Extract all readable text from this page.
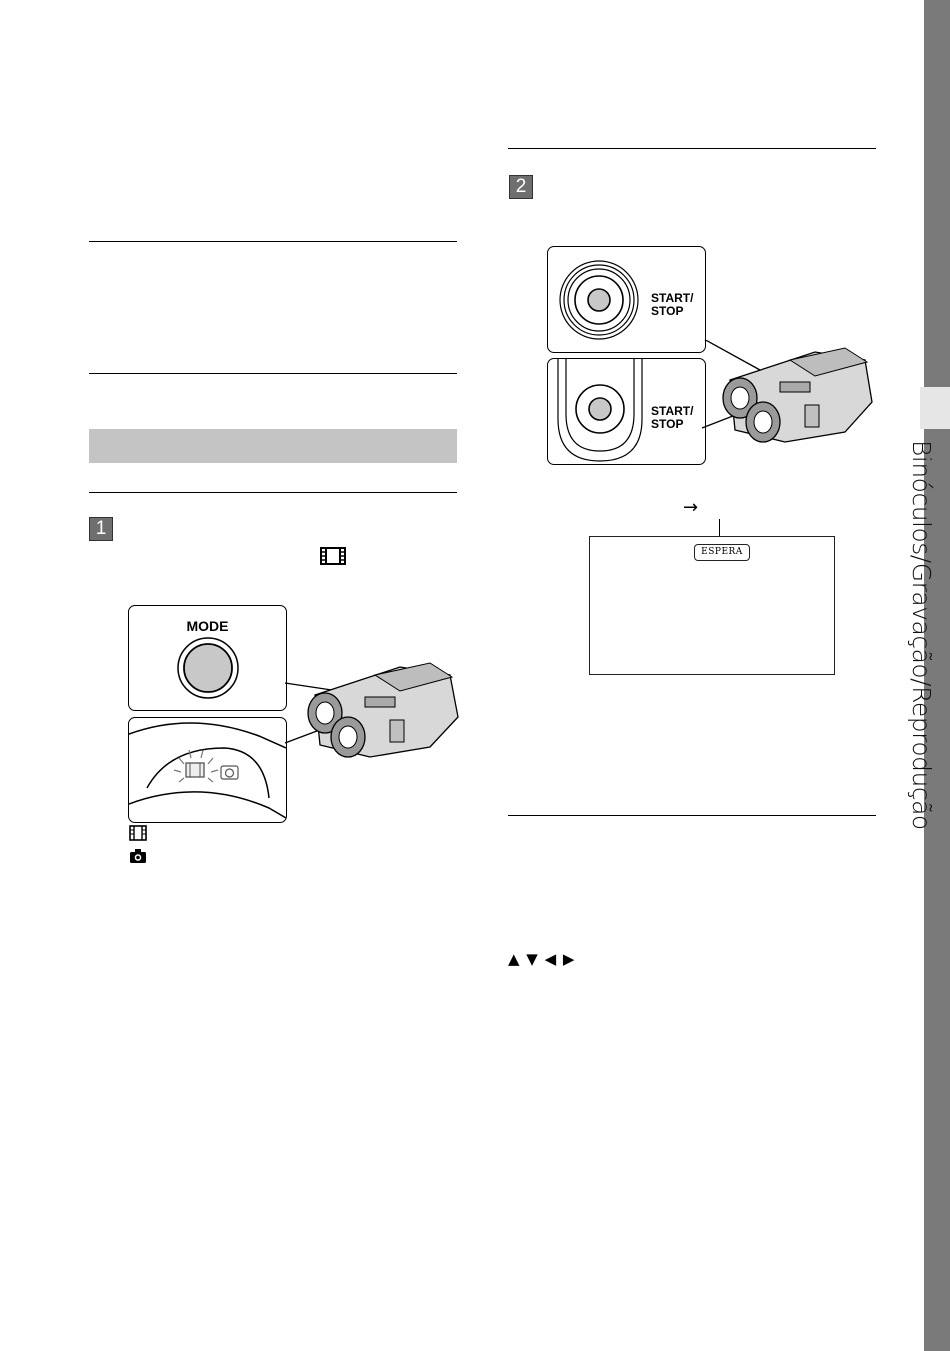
Binóculos/Gravação/Reprodução
1
2
MODE
START/
STOP
START/
STOP
→
ESPERA
▲ ▼ ◀ ▶
